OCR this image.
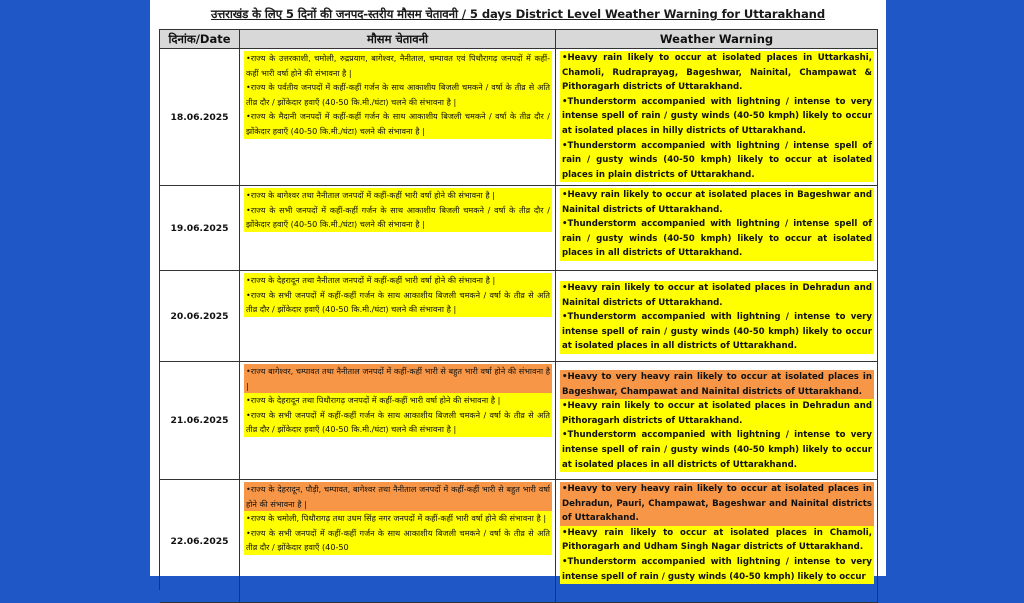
उत्तराखंड के लिए 5 दिनों की जनपद-स्तरीय मौसम चेतावनी / 5 days District Level Weather Warning for Uttarakhand
दिनांक/Date	मौसम चेतावनी	Weather Warning
18.06.2025
•राज्य के उत्तरकाशी, चमोली, रुद्रप्रयाग, बागेश्वर, नैनीताल, चम्पावत एवं पिथौरागढ़ जनपदों में कहीं-कहीं भारी वर्षा होने की संभावना है |
•राज्य के पर्वतीय जनपदों में कहीं-कहीं गर्जन के साथ आकाशीय बिजली चमकने / वर्षा के तीव्र से अति तीव्र दौर / झोंकेदार हवाएँ (40-50 कि.मी./घंटा) चलने की संभावना है |
•राज्य के मैदानी जनपदों में कहीं-कहीं गर्जन के साथ आकाशीय बिजली चमकने / वर्षा के तीव्र दौर / झोंकेदार हवाएँ (40-50 कि.मी./घंटा) चलने की संभावना है |
•Heavy rain likely to occur at isolated places in Uttarkashi, Chamoli, Rudraprayag, Bageshwar, Nainital, Champawat & Pithoragarh districts of Uttarakhand.
•Thunderstorm accompanied with lightning / intense to very intense spell of rain / gusty winds (40-50 kmph) likely to occur at isolated places in hilly districts of Uttarakhand.
•Thunderstorm accompanied with lightning / intense spell of rain / gusty winds (40-50 kmph) likely to occur at isolated places in plain districts of Uttarakhand.
19.06.2025
•राज्य के बागेश्वर तथा नैनीताल जनपदों में कहीं-कहीं भारी वर्षा होने की संभावना है |
•राज्य के सभी जनपदों में कहीं-कहीं गर्जन के साथ आकाशीय बिजली चमकने / वर्षा के तीव्र दौर / झोंकेदार हवाएँ (40-50 कि.मी./घंटा) चलने की संभावना है |
•Heavy rain likely to occur at isolated places in Bageshwar and Nainital districts of Uttarakhand.
•Thunderstorm accompanied with lightning / intense spell of rain / gusty winds (40-50 kmph) likely to occur at isolated places in all districts of Uttarakhand.
20.06.2025
•राज्य के देहरादून तथा नैनीताल जनपदों में कहीं-कहीं भारी वर्षा होने की संभावना है |
•राज्य के सभी जनपदों में कहीं-कहीं गर्जन के साथ आकाशीय बिजली चमकने / वर्षा के तीव्र से अति तीव्र दौर / झोंकेदार हवाएँ (40-50 कि.मी./घंटा) चलने की संभावना है |
•Heavy rain likely to occur at isolated places in Dehradun and Nainital districts of Uttarakhand.
•Thunderstorm accompanied with lightning / intense to very intense spell of rain / gusty winds (40-50 kmph) likely to occur at isolated places in all districts of Uttarakhand.
21.06.2025
•राज्य बागेश्वर, चम्पावत तथा नैनीताल जनपदों में कहीं-कहीं भारी से बहुत भारी वर्षा होने की संभावना है |
•राज्य के देहरादून तथा पिथौरागढ़ जनपदों में कहीं-कहीं भारी वर्षा होने की संभावना है |
•राज्य के सभी जनपदों में कहीं-कहीं गर्जन के साथ आकाशीय बिजली चमकने / वर्षा के तीव्र से अति तीव्र दौर / झोंकेदार हवाएँ (40-50 कि.मी./घंटा) चलने की संभावना है |
•Heavy to very heavy rain likely to occur at isolated places in Bageshwar, Champawat and Nainital districts of Uttarakhand.
•Heavy rain likely to occur at isolated places in Dehradun and Pithoragarh districts of Uttarakhand.
•Thunderstorm accompanied with lightning / intense to very intense spell of rain / gusty winds (40-50 kmph) likely to occur at isolated places in all districts of Uttarakhand.
22.06.2025
•राज्य के देहरादून, पौड़ी, चम्पावत, बागेश्वर तथा नैनीताल जनपदों में कहीं-कहीं भारी से बहुत भारी वर्षा होने की संभावना है |
•राज्य के चमोली, पिथौरागढ़ तथा उधम सिंह नगर जनपदों में कहीं-कहीं भारी वर्षा होने की संभावना है |
•राज्य के सभी जनपदों में कहीं-कहीं गर्जन के साथ आकाशीय बिजली चमकने / वर्षा के तीव्र से अति तीव्र दौर / झोंकेदार हवाएँ (40-50
•Heavy to very heavy rain likely to occur at isolated places in Dehradun, Pauri, Champawat, Bageshwar and Nainital districts of Uttarakhand.
•Heavy rain likely to occur at isolated places in Chamoli, Pithoragarh and Udham Singh Nagar districts of Uttarakhand.
•Thunderstorm accompanied with lightning / intense to very intense spell of rain / gusty winds (40-50 kmph) likely to occur
